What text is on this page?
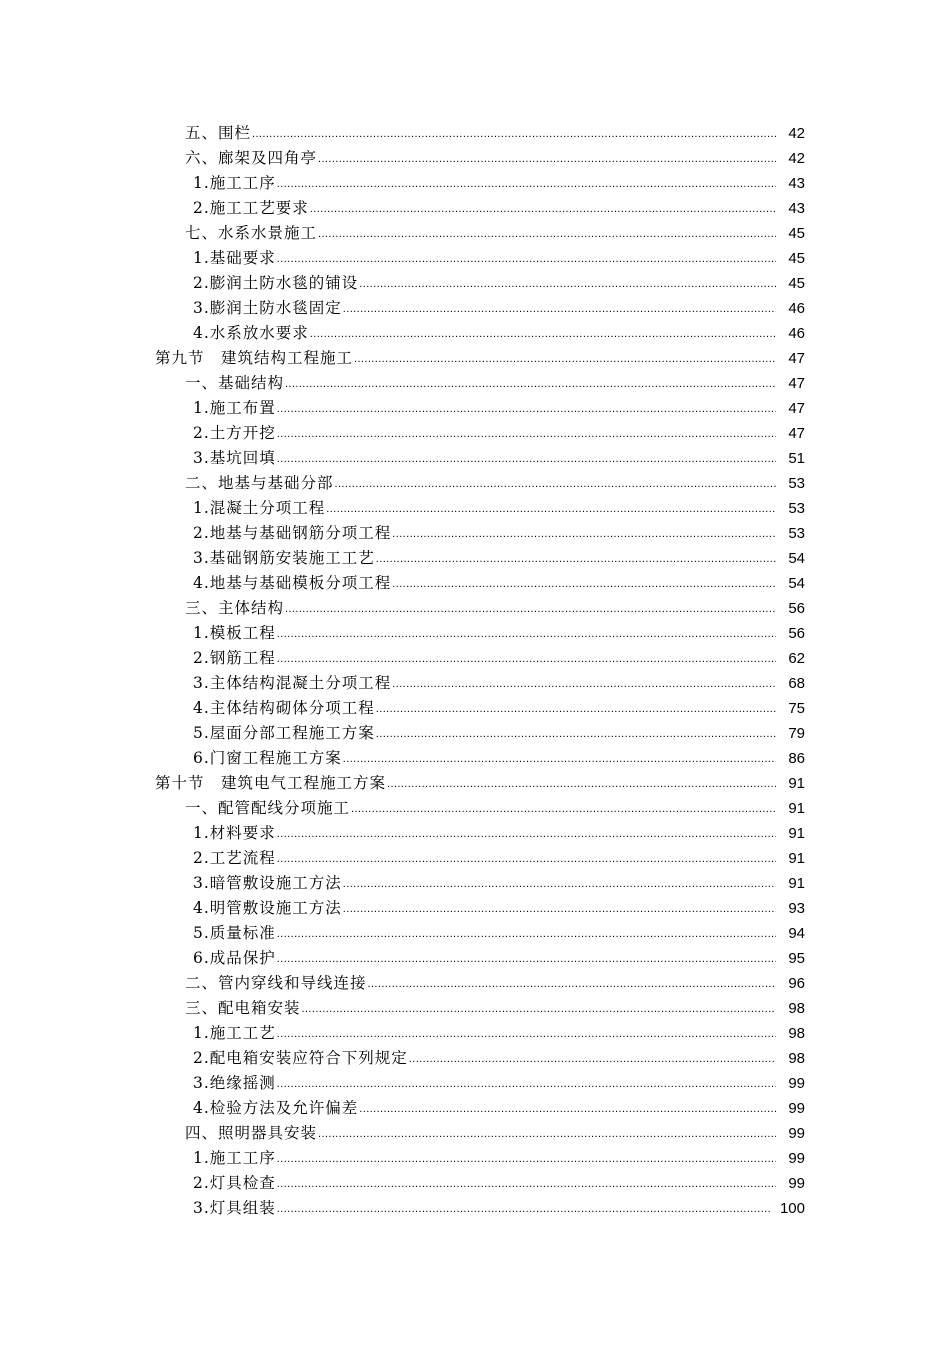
五、围栏 .....	42
六、廊架及四角亭 .....	42
1.施工工序 .....	43
2.施工工艺要求 .....	43
七、水系水景施工 .....	45
1.基础要求 .....	45
2.膨润土防水毯的铺设 .....	45
3.膨润土防水毯固定 .....	46
4.水系放水要求 .....	46
第九节　建筑结构工程施工 .....	47
一、基础结构 .....	47
1.施工布置 .....	47
2.土方开挖 .....	47
3.基坑回填 .....	51
二、地基与基础分部 .....	53
1.混凝土分项工程 .....	53
2.地基与基础钢筋分项工程 .....	53
3.基础钢筋安装施工工艺 .....	54
4.地基与基础模板分项工程 .....	54
三、主体结构 .....	56
1.模板工程 .....	56
2.钢筋工程 .....	62
3.主体结构混凝土分项工程 .....	68
4.主体结构砌体分项工程 .....	75
5.屋面分部工程施工方案 .....	79
6.门窗工程施工方案 .....	86
第十节　建筑电气工程施工方案 .....	91
一、配管配线分项施工 .....	91
1.材料要求 .....	91
2.工艺流程 .....	91
3.暗管敷设施工方法 .....	91
4.明管敷设施工方法 .....	93
5.质量标准 .....	94
6.成品保护 .....	95
二、管内穿线和导线连接 .....	96
三、配电箱安装 .....	98
1.施工工艺 .....	98
2.配电箱安装应符合下列规定 .....	98
3.绝缘摇测 .....	99
4.检验方法及允许偏差 .....	99
四、照明器具安装 .....	99
1.施工工序 .....	99
2.灯具检查 .....	99
3.灯具组装 .....	100
